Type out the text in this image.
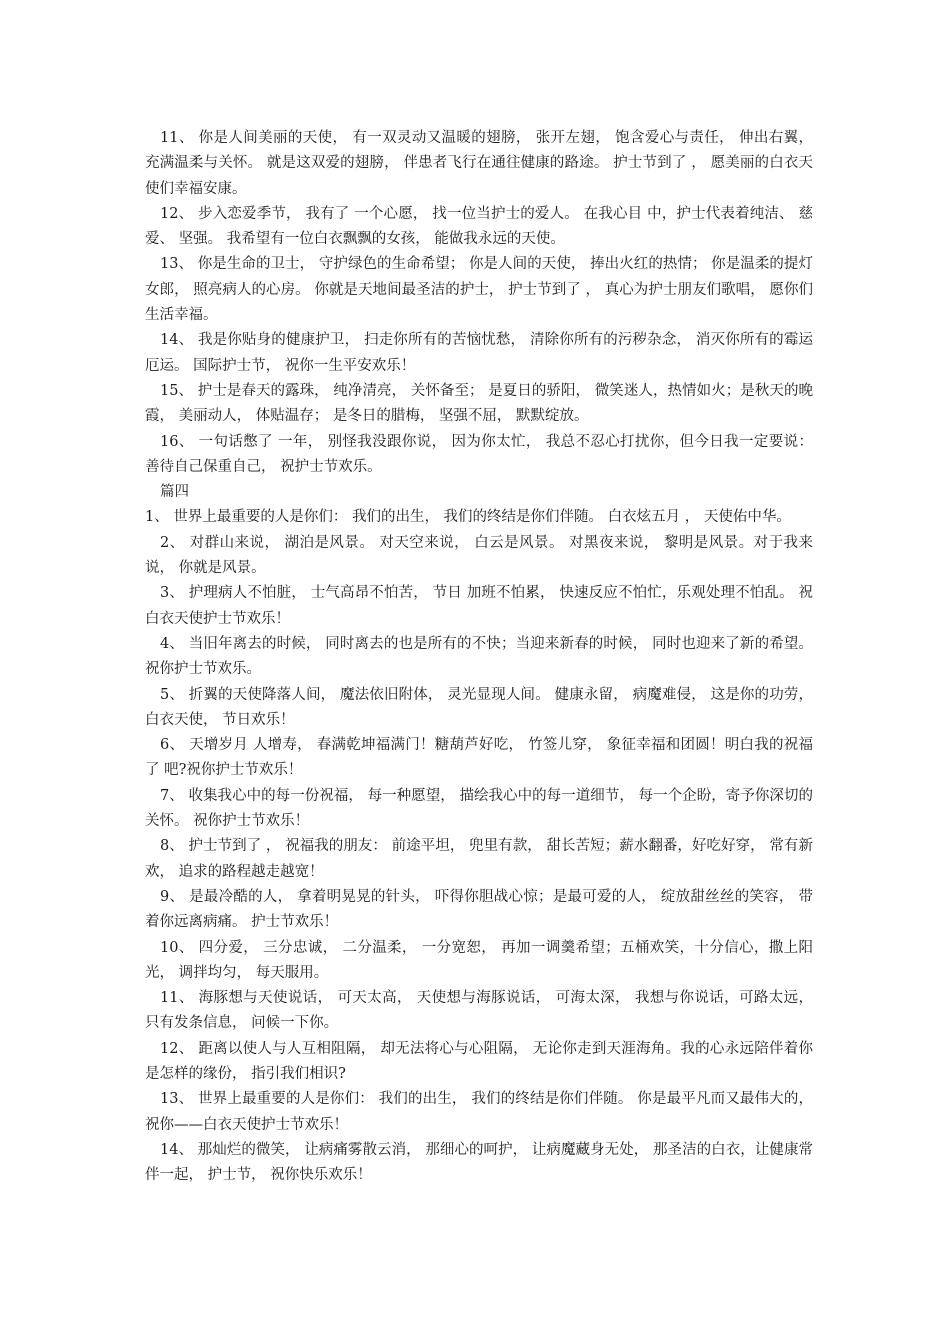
11、 你是人间美丽的天使， 有一双灵动又温暖的翅膀， 张开左翅， 饱含爱心与责任， 伸出右翼， 充满温柔与关怀。 就是这双爱的翅膀， 伴患者飞行在通往健康的路途。 护士节到了 ， 愿美丽的白衣天使们幸福安康。

12、 步入恋爱季节， 我有了 一个心愿， 找一位当护士的爱人。 在我心目 中，护士代表着纯洁、 慈爱、 坚强。 我希望有一位白衣飘飘的女孩， 能做我永远的天使。

13、 你是生命的卫士， 守护绿色的生命希望； 你是人间的天使， 捧出火红的热情； 你是温柔的提灯女郎， 照亮病人的心房。 你就是天地间最圣洁的护士， 护士节到了 ， 真心为护士朋友们歌唱， 愿你们生活幸福。

14、 我是你贴身的健康护卫， 扫走你所有的苦恼忧愁， 清除你所有的污秽杂念， 消灭你所有的霉运厄运。 国际护士节， 祝你一生平安欢乐！

15、 护士是春天的露珠， 纯净清亮， 关怀备至； 是夏日的骄阳， 微笑迷人，热情如火；是秋天的晚霞， 美丽动人， 体贴温存； 是冬日的腊梅， 坚强不屈， 默默绽放。

16、 一句话憋了 一年， 别怪我没跟你说， 因为你太忙， 我总不忍心打扰你，但今日我一定要说： 善待自己保重自己， 祝护士节欢乐。

篇四

1、 世界上最重要的人是你们： 我们的出生， 我们的终结是你们伴随。 白衣炫五月 ， 天使佑中华。

2、 对群山来说， 湖泊是风景。 对天空来说， 白云是风景。 对黑夜来说， 黎明是风景。对于我来说， 你就是风景。

3、 护理病人不怕脏， 士气高昂不怕苦， 节日 加班不怕累， 快速反应不怕忙，乐观处理不怕乱。 祝白衣天使护士节欢乐！

4、 当旧年离去的时候， 同时离去的也是所有的不快；当迎来新春的时候， 同时也迎来了新的希望。 祝你护士节欢乐。

5、 折翼的天使降落人间， 魔法依旧附体， 灵光显现人间。 健康永留， 病魔难侵， 这是你的功劳， 白衣天使， 节日欢乐！

6、 天增岁月 人增寿， 春满乾坤福满门！糖葫芦好吃， 竹签儿穿， 象征幸福和团圆！明白我的祝福了 吧?祝你护士节欢乐！

7、 收集我心中的每一份祝福， 每一种愿望， 描绘我心中的每一道细节， 每一个企盼，寄予你深切的关怀。 祝你护士节欢乐！

8、 护士节到了 ， 祝福我的朋友： 前途平坦， 兜里有款， 甜长苦短；薪水翻番，好吃好穿， 常有新欢， 追求的路程越走越宽！

9、 是最冷酷的人， 拿着明晃晃的针头， 吓得你胆战心惊；是最可爱的人， 绽放甜丝丝的笑容， 带着你远离病痛。 护士节欢乐！

10、 四分爱， 三分忠诚， 二分温柔， 一分宽恕， 再加一调羹希望；五桶欢笑，十分信心，撒上阳光， 调拌均匀， 每天服用。

11、 海豚想与天使说话， 可天太高， 天使想与海豚说话， 可海太深， 我想与你说话，可路太远， 只有发条信息， 问候一下你。

12、 距离以使人与人互相阻隔， 却无法将心与心阻隔， 无论你走到天涯海角。我的心永远陪伴着你是怎样的缘份， 指引我们相识?

13、 世界上最重要的人是你们： 我们的出生， 我们的终结是你们伴随。 你是最平凡而又最伟大的， 祝你——白衣天使护士节欢乐！

14、 那灿烂的微笑， 让病痛雾散云消， 那细心的呵护， 让病魔藏身无处， 那圣洁的白衣，让健康常伴一起， 护士节， 祝你快乐欢乐！
